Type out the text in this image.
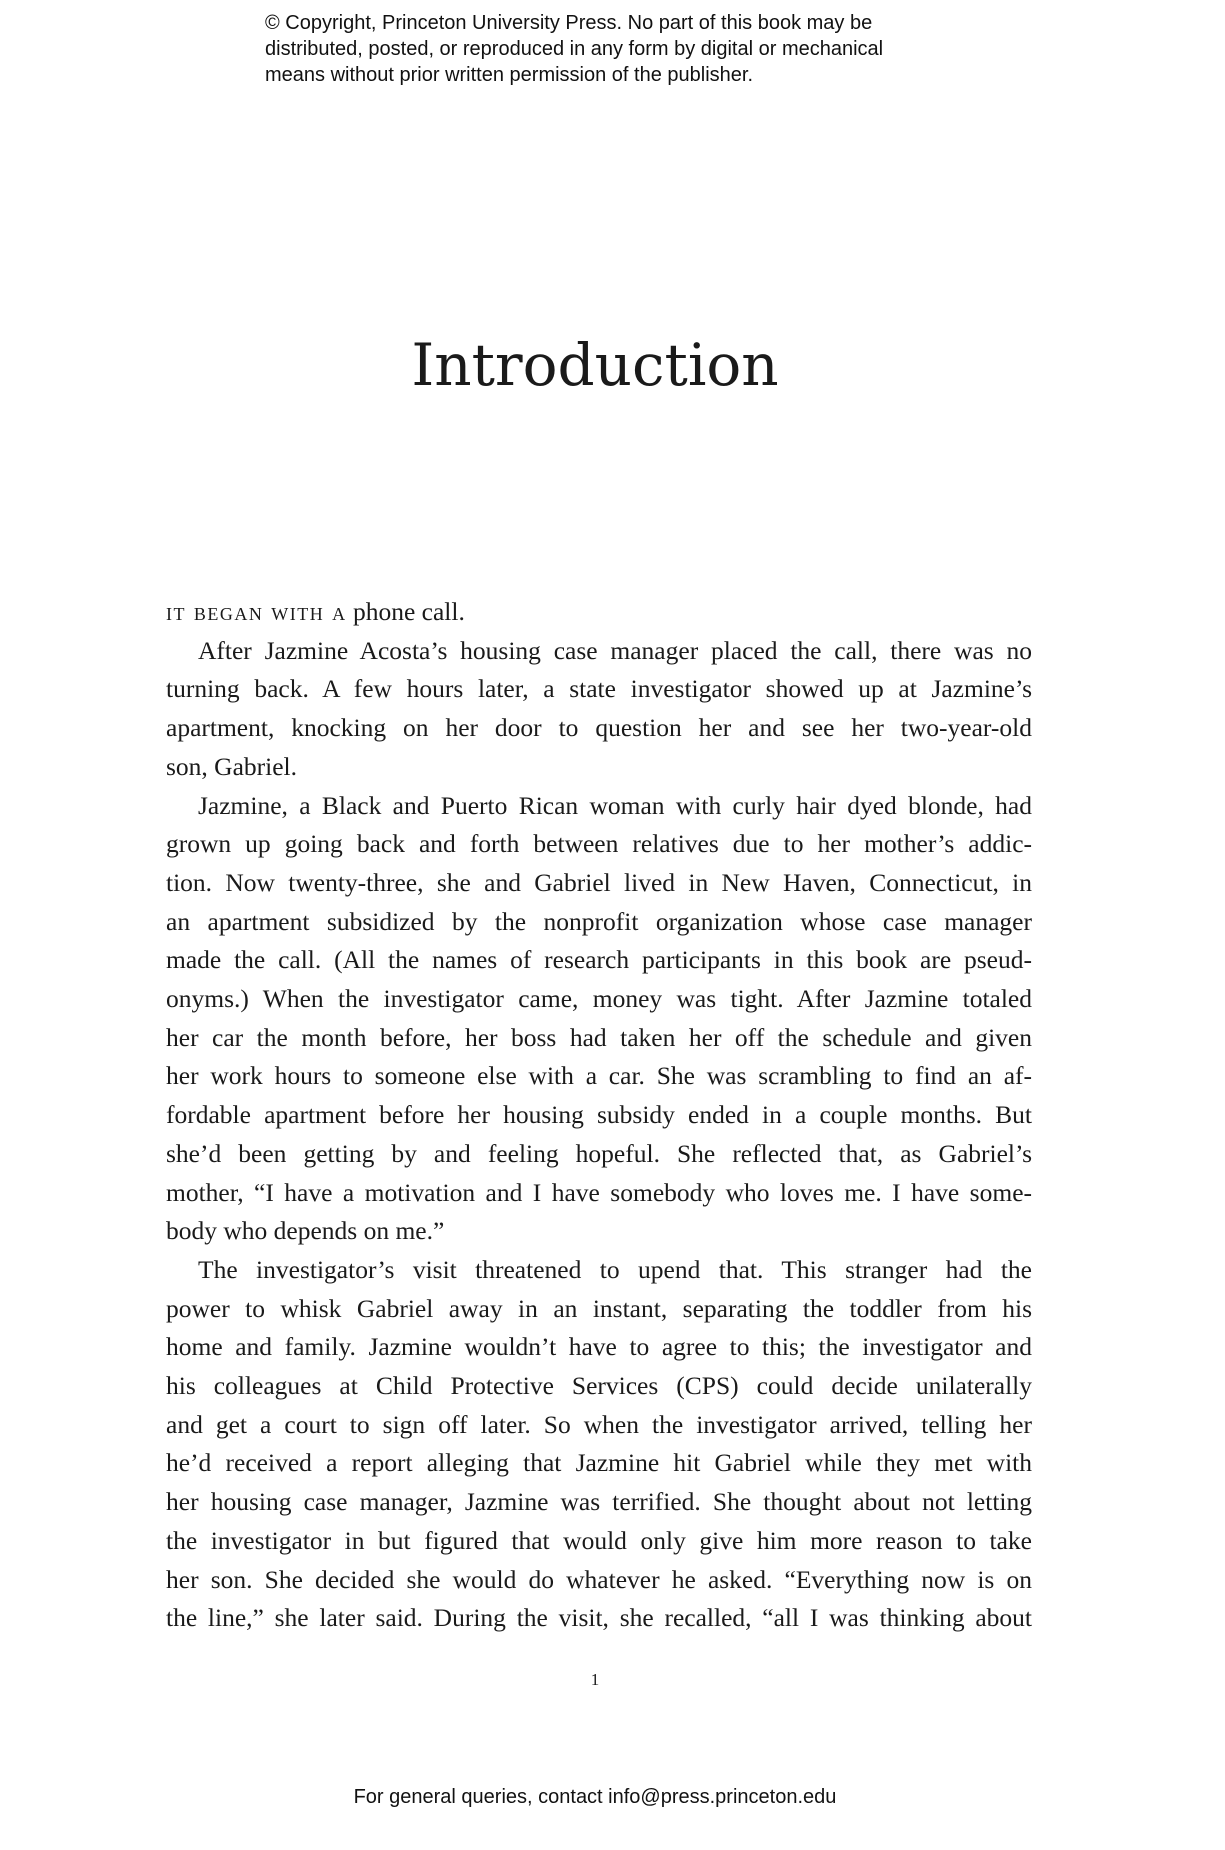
© Copyright, Princeton University Press. No part of this book may be
distributed, posted, or reproduced in any form by digital or mechanical
means without prior written permission of the publisher.
Introduction
it began with a phone call.
After Jazmine Acosta’s housing case manager placed the call, there was no
turning back. A few hours later, a state investigator showed up at Jazmine’s
apartment, knocking on her door to question her and see her two-year-old
son, Gabriel.
Jazmine, a Black and Puerto Rican woman with curly hair dyed blonde, had
grown up going back and forth between relatives due to her mother’s addic-
tion. Now twenty-three, she and Gabriel lived in New Haven, Connecticut, in
an apartment subsidized by the nonprofit organization whose case manager
made the call. (All the names of research participants in this book are pseud-
onyms.) When the investigator came, money was tight. After Jazmine totaled
her car the month before, her boss had taken her off the schedule and given
her work hours to someone else with a car. She was scrambling to find an af-
fordable apartment before her housing subsidy ended in a couple months. But
she’d been getting by and feeling hopeful. She reflected that, as Gabriel’s
mother, “I have a motivation and I have somebody who loves me. I have some-
body who depends on me.”
The investigator’s visit threatened to upend that. This stranger had the
power to whisk Gabriel away in an instant, separating the toddler from his
home and family. Jazmine wouldn’t have to agree to this; the investigator and
his colleagues at Child Protective Services (CPS) could decide unilaterally
and get a court to sign off later. So when the investigator arrived, telling her
he’d received a report alleging that Jazmine hit Gabriel while they met with
her housing case manager, Jazmine was terrified. She thought about not letting
the investigator in but figured that would only give him more reason to take
her son. She decided she would do whatever he asked. “Everything now is on
the line,” she later said. During the visit, she recalled, “all I was thinking about
1
For general queries, contact info@press.princeton.edu
